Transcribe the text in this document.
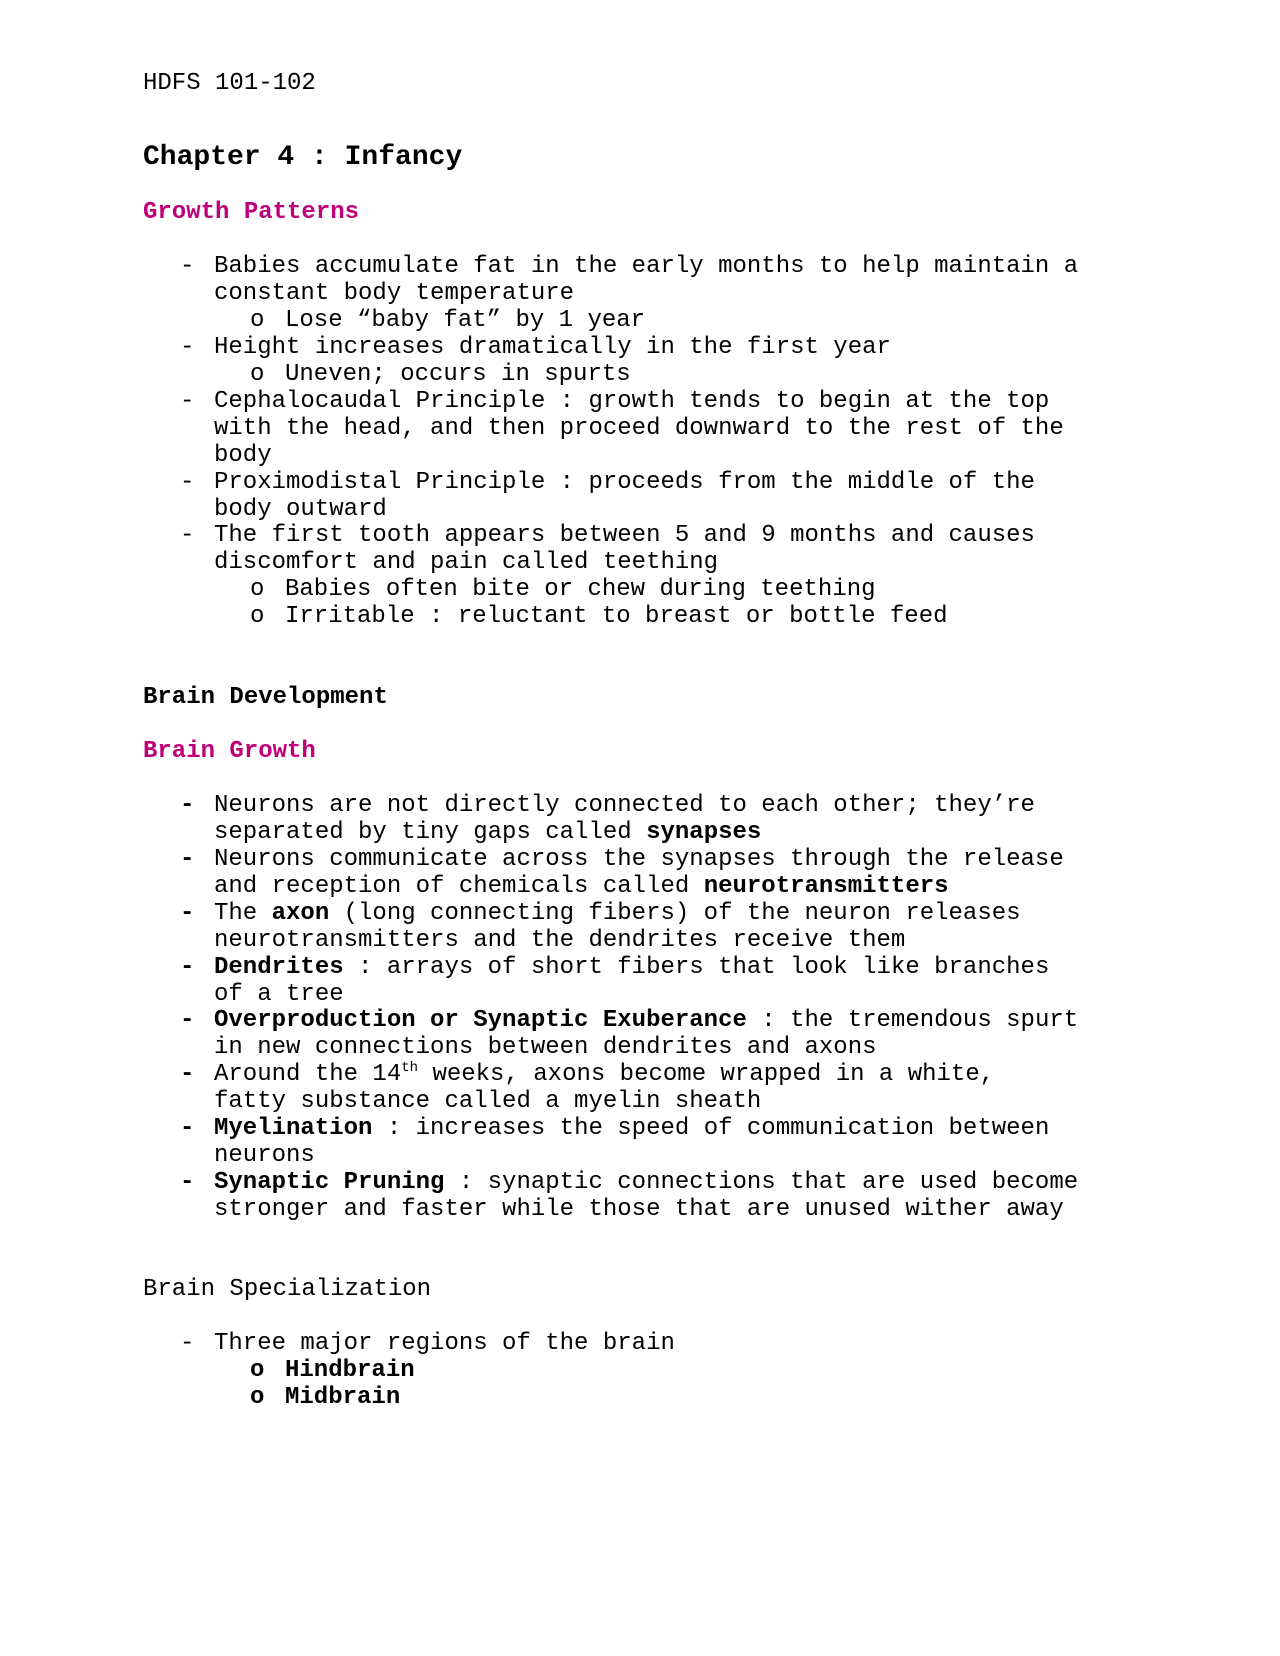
HDFS 101-102
Chapter 4 : Infancy
Growth Patterns
- Babies accumulate fat in the early months to help maintain a
constant body temperature
o Lose “baby fat” by 1 year
- Height increases dramatically in the first year
o Uneven; occurs in spurts
- Cephalocaudal Principle : growth tends to begin at the top
with the head, and then proceed downward to the rest of the
body
- Proximodistal Principle : proceeds from the middle of the
body outward
- The first tooth appears between 5 and 9 months and causes
discomfort and pain called teething
o Babies often bite or chew during teething
o Irritable : reluctant to breast or bottle feed
Brain Development
Brain Growth
- Neurons are not directly connected to each other; they’re
separated by tiny gaps called synapses
- Neurons communicate across the synapses through the release
and reception of chemicals called neurotransmitters
- The axon (long connecting fibers) of the neuron releases
neurotransmitters and the dendrites receive them
- Dendrites : arrays of short fibers that look like branches
of a tree
- Overproduction or Synaptic Exuberance : the tremendous spurt
in new connections between dendrites and axons
- Around the 14th weeks, axons become wrapped in a white,
fatty substance called a myelin sheath
- Myelination : increases the speed of communication between
neurons
- Synaptic Pruning : synaptic connections that are used become
stronger and faster while those that are unused wither away
Brain Specialization
- Three major regions of the brain
o Hindbrain
o Midbrain
